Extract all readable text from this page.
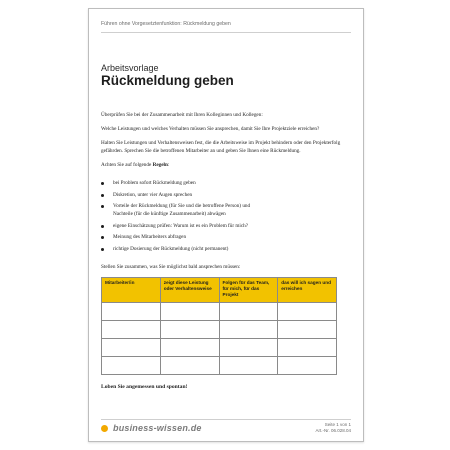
Führen ohne Vorgesetztenfunktion: Rückmeldung geben
Arbeitsvorlage
Rückmeldung geben

Überprüfen Sie bei der Zusammenarbeit mit Ihren Kolleginnen und Kollegen:

Welche Leistungen und welches Verhalten müssen Sie ansprechen, damit Sie Ihre Projektziele erreichen?

Halten Sie Leistungen und Verhaltensweisen fest, die die Arbeitsweise im Projekt behindern oder den Projekterfolg gefährden. Sprechen Sie die betroffenen Mitarbeiter an und geben Sie Ihnen eine Rückmeldung.

Achten Sie auf folgende Regeln:
bei Problem sofort Rückmeldung geben
Diskretion, unter vier Augen sprechen
Vorteile der Rückmeldung (für Sie und die betroffene Person) und
Nachteile (für die künftige Zusammenarbeit) abwägen
eigene Einschätzung prüfen: Warum ist es ein Problem für mich?
Meinung des Mitarbeiters abfragen
richtige Dosierung der Rückmeldung (nicht permanent)
Stellen Sie zusammen, was Sie möglichst bald ansprechen müssen:
Mitarbeiter/in	zeigt diese Leistung oder Verhaltensweise	Folgen für das Team, für mich, für das Projekt	das will ich sagen und erreichen

Loben Sie angemessen und spontan!
business-wissen.de	Seite 1 von 1
Art.-Nr. 06.028.04
